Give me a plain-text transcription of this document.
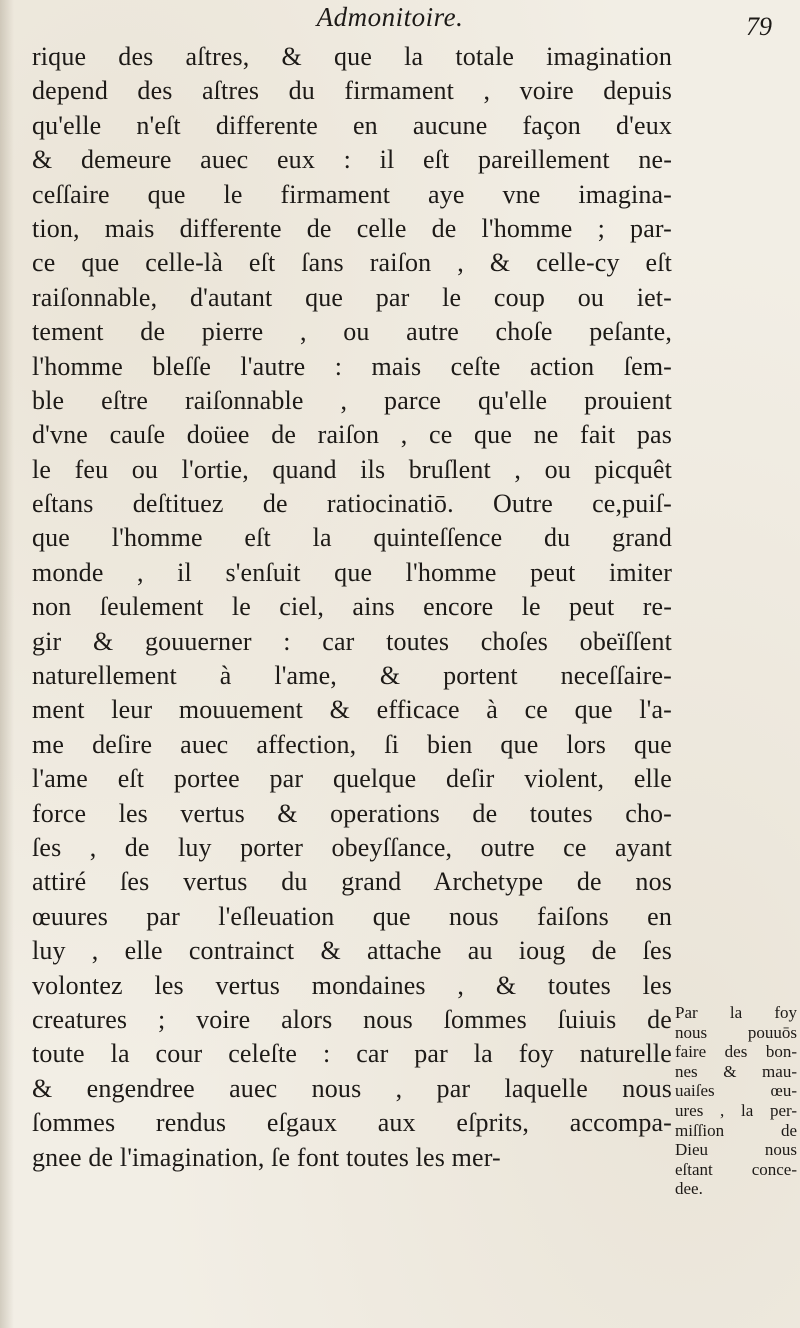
Admonitoire.	79
rique des aſtres, & que la totale imagination
depend des aſtres du firmament , voire depuis
qu'elle n'eſt differente en aucune façon d'eux
& demeure auec eux : il eſt pareillement ne-
ceſſaire que le firmament aye vne imagina-
tion, mais differente de celle de l'homme ; par-
ce que celle-là eſt ſans raiſon , & celle-cy eſt
raiſonnable, d'autant que par le coup ou iet-
tement de pierre , ou autre choſe peſante,
l'homme bleſſe l'autre : mais ceſte action ſem-
ble eſtre raiſonnable , parce qu'elle prouient
d'vne cauſe doüee de raiſon , ce que ne fait pas
le feu ou l'ortie, quand ils bruſlent , ou picquêt
eſtans deſtituez de ratiocinatiō. Outre ce,puiſ-
que l'homme eſt la quinteſſence du grand
monde , il s'enſuit que l'homme peut imiter
non ſeulement le ciel, ains encore le peut re-
gir & gouuerner : car toutes choſes obeïſſent
naturellement à l'ame, & portent neceſſaire-
ment leur mouuement & efficace à ce que l'a-
me deſire auec affection, ſi bien que lors que
l'ame eſt portee par quelque deſir violent, elle
force les vertus & operations de toutes cho-
ſes , de luy porter obeyſſance, outre ce ayant
attiré ſes vertus du grand Archetype de nos
œuures par l'eſleuation que nous faiſons en
luy , elle contrainct & attache au ioug de ſes
volontez les vertus mondaines , & toutes les
creatures ; voire alors nous ſommes ſuiuis de
toute la cour celeſte : car par la foy naturelle
& engendree auec nous , par laquelle nous
ſommes rendus eſgaux aux eſprits, accompa-
gnee de l'imagination, ſe font toutes les mer-
Par la foy
nous pouuōs
faire des bon-
nes & mau-
uaiſes œu-
ures , la per-
miſſion de
Dieu nous
eſtant conce-
dee.
